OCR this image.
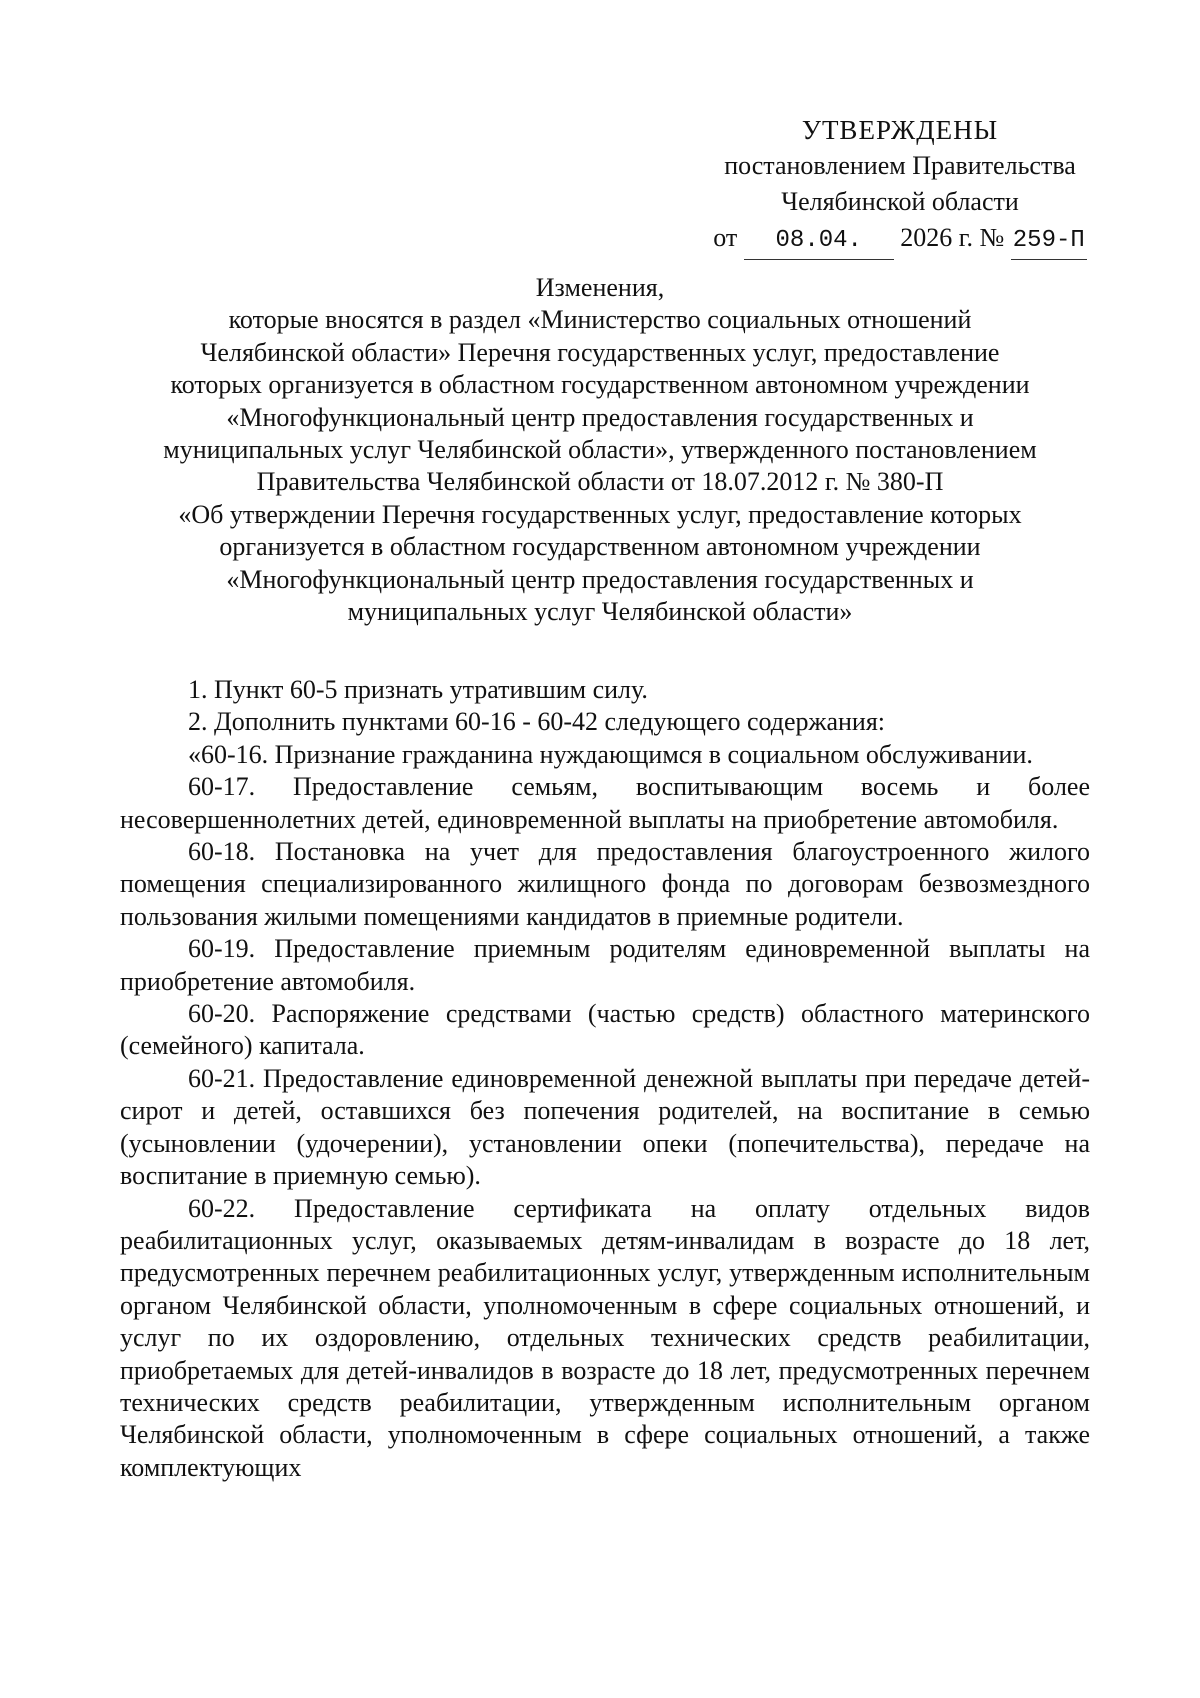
УТВЕРЖДЕНЫ
постановлением Правительства
Челябинской области
от 08.04. 2026 г. № 259-П
Изменения,
которые вносятся в раздел «Министерство социальных отношений
Челябинской области» Перечня государственных услуг, предоставление
которых организуется в областном государственном автономном учреждении
«Многофункциональный центр предоставления государственных и
муниципальных услуг Челябинской области», утвержденного постановлением
Правительства Челябинской области от 18.07.2012 г. № 380-П
«Об утверждении Перечня государственных услуг, предоставление которых
организуется в областном государственном автономном учреждении
«Многофункциональный центр предоставления государственных и
муниципальных услуг Челябинской области»

1. Пункт 60-5 признать утратившим силу.

2. Дополнить пунктами 60-16 - 60-42 следующего содержания:

«60-16. Признание гражданина нуждающимся в социальном обслуживании.

60-17. Предоставление семьям, воспитывающим восемь и более несовершеннолетних детей, единовременной выплаты на приобретение автомобиля.

60-18. Постановка на учет для предоставления благоустроенного жилого помещения специализированного жилищного фонда по договорам безвозмездного пользования жилыми помещениями кандидатов в приемные родители.

60-19. Предоставление приемным родителям единовременной выплаты на приобретение автомобиля.

60-20. Распоряжение средствами (частью средств) областного материнского (семейного) капитала.

60-21. Предоставление единовременной денежной выплаты при передаче детей-сирот и детей, оставшихся без попечения родителей, на воспитание в семью (усыновлении (удочерении), установлении опеки (попечительства), передаче на воспитание в приемную семью).

60-22. Предоставление сертификата на оплату отдельных видов реабилитационных услуг, оказываемых детям-инвалидам в возрасте до 18 лет, предусмотренных перечнем реабилитационных услуг, утвержденным исполнительным органом Челябинской области, уполномоченным в сфере социальных отношений, и услуг по их оздоровлению, отдельных технических средств реабилитации, приобретаемых для детей-инвалидов в возрасте до 18 лет, предусмотренных перечнем технических средств реабилитации, утвержденным исполнительным органом Челябинской области, уполномоченным в сфере социальных отношений, а также комплектующих
